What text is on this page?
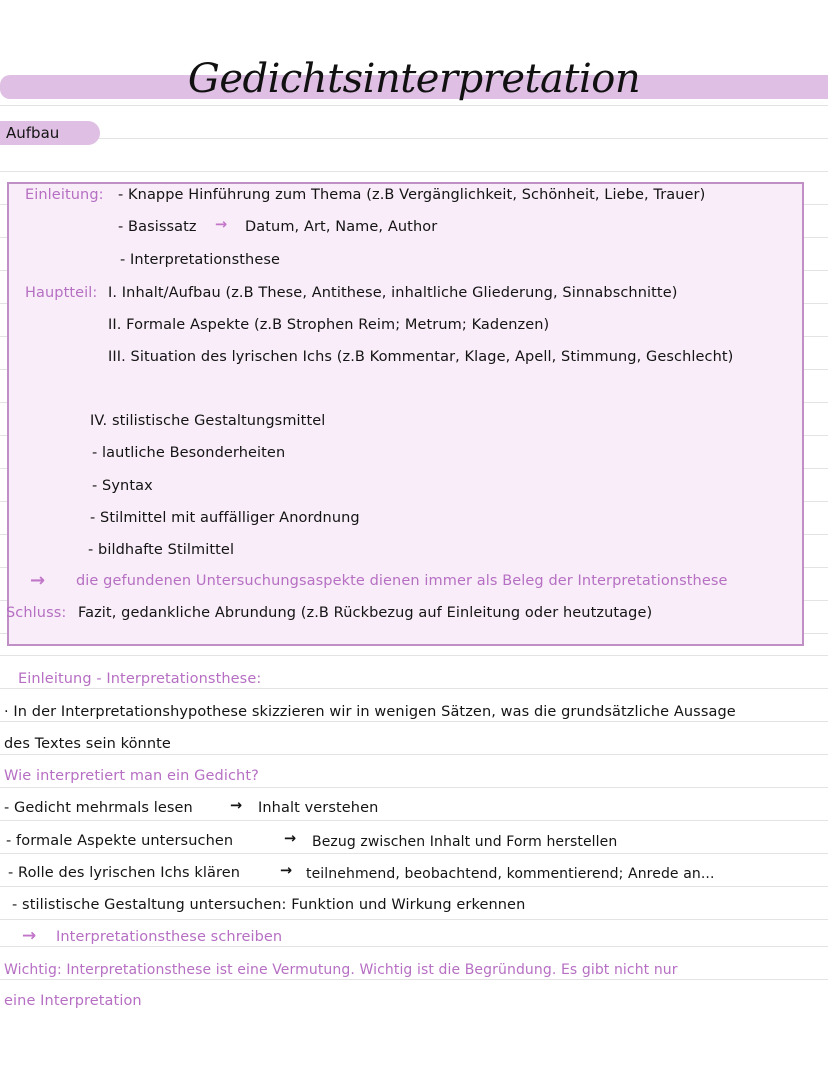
Gedichtsinterpretation
Aufbau
Einleitung: - Knappe Hinführung zum Thema (z.B Vergänglichkeit, Schönheit, Liebe, Trauer)
- Basissatz → Datum, Art, Name, Author
- Interpretationsthese
Hauptteil: I. Inhalt/Aufbau (z.B These, Antithese, inhaltliche Gliederung, Sinnabschnitte)
II. Formale Aspekte (z.B Strophen Reim; Metrum; Kadenzen)
III. Situation des lyrischen Ichs (z.B Kommentar, Klage, Apell, Stimmung, Geschlecht)
IV. stilistische Gestaltungsmittel
- lautliche Besonderheiten
- Syntax
- Stilmittel mit auffälliger Anordnung
- bildhafte Stilmittel
→ die gefundenen Untersuchungsaspekte dienen immer als Beleg der Interpretationsthese
Schluss: Fazit, gedankliche Abrundung (z.B Rückbezug auf Einleitung oder heutzutage)
Einleitung - Interpretationsthese:
· In der Interpretationshypothese skizzieren wir in wenigen Sätzen, was die grundsätzliche Aussage
des Textes sein könnte
Wie interpretiert man ein Gedicht?
- Gedicht mehrmals lesen	→ Inhalt verstehen
- formale Aspekte untersuchen	→ Bezug zwischen Inhalt und Form herstellen
- Rolle des lyrischen Ichs klären	→ teilnehmend, beobachtend, kommentierend; Anrede an...
- stilistische Gestaltung untersuchen: Funktion und Wirkung erkennen
→ Interpretationsthese schreiben
Wichtig: Interpretationsthese ist eine Vermutung. Wichtig ist die Begründung. Es gibt nicht nur
eine Interpretation
